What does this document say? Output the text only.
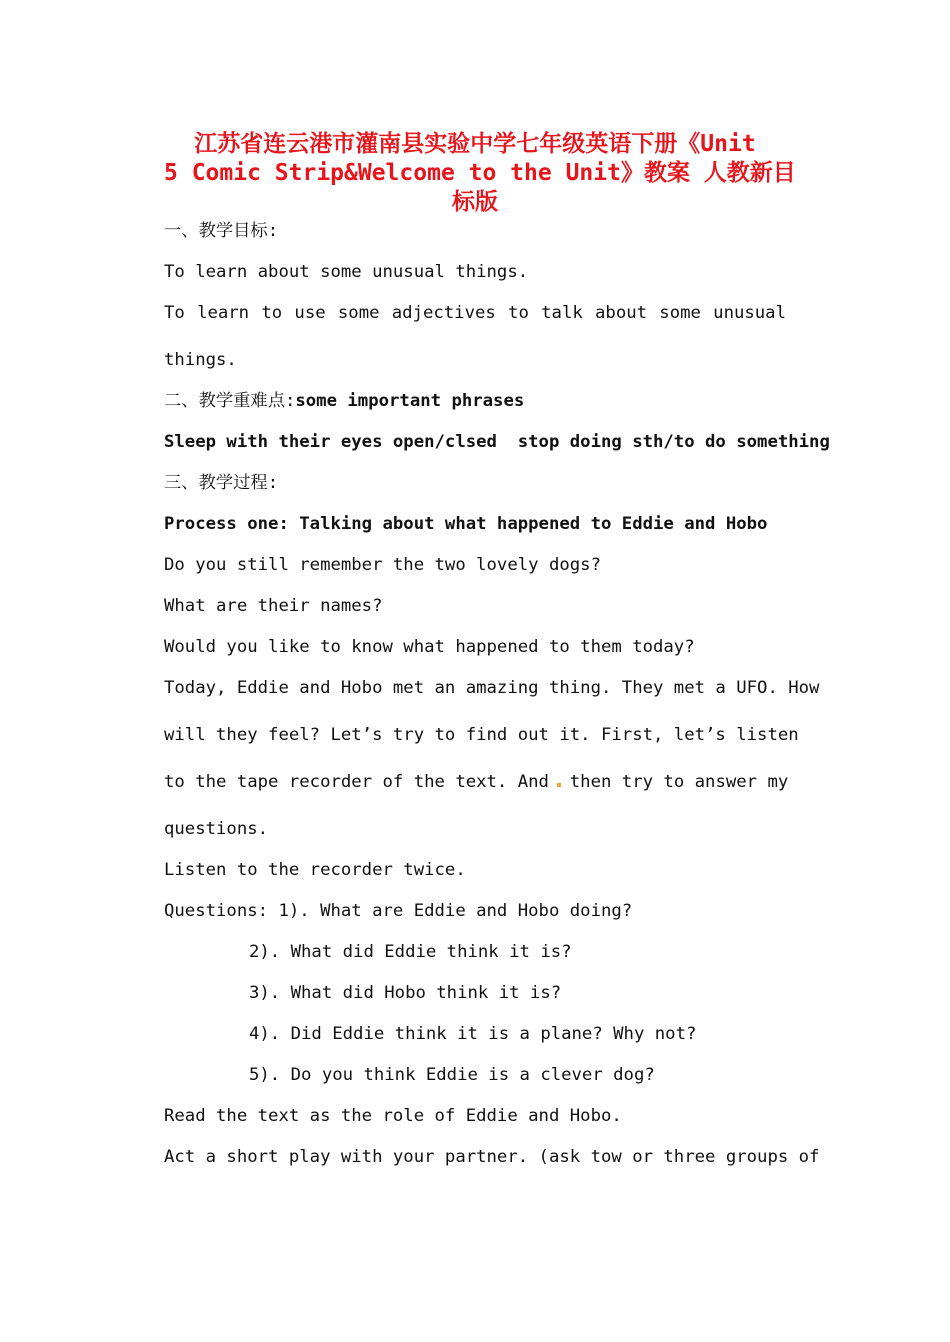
江苏省连云港市灌南县实验中学七年级英语下册《Unit
5 Comic Strip&Welcome to the Unit》教案 人教新目
标版
一、教学目标:
To learn about some unusual things.
To learn to use some adjectives to talk about some unusual
things.
二、教学重难点:some important phrases
Sleep with their eyes open/clsed  stop doing sth/to do something
三、教学过程:
Process one: Talking about what happened to Eddie and Hobo
Do you still remember the two lovely dogs?
What are their names?
Would you like to know what happened to them today?
Today, Eddie and Hobo met an amazing thing. They met a UFO. How
will they feel? Let’s try to find out it. First, let’s listen
to the tape recorder of the text. And then try to answer my
questions.
Listen to the recorder twice.
Questions: 1). What are Eddie and Hobo doing?
2). What did Eddie think it is?
3). What did Hobo think it is?
4). Did Eddie think it is a plane? Why not?
5). Do you think Eddie is a clever dog?
Read the text as the role of Eddie and Hobo.
Act a short play with your partner. (ask tow or three groups of
